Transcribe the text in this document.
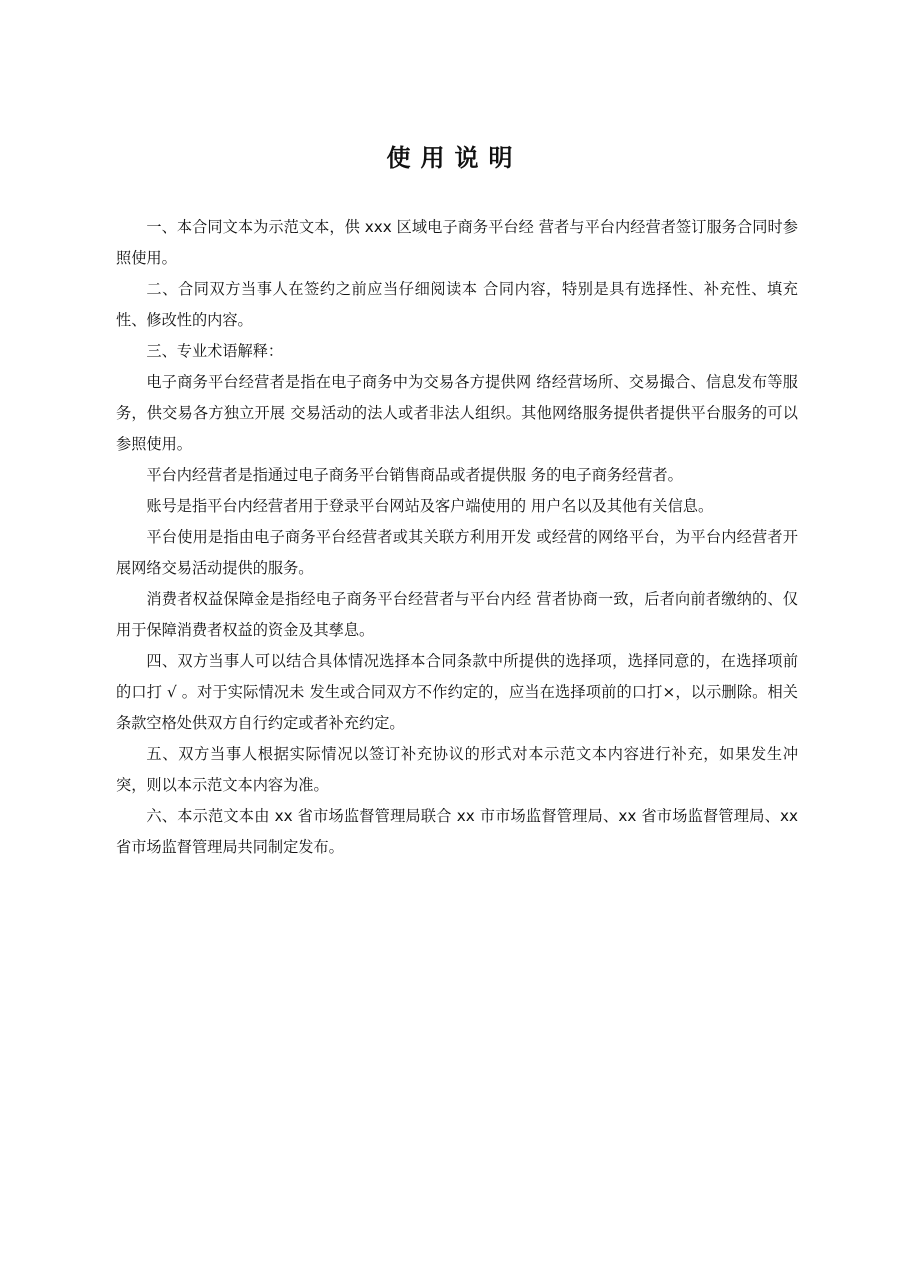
使用说明

一、本合同文本为示范文本，供 xxx 区域电子商务平台经 营者与平台内经营者签订服务合同时参照使用。

二、合同双方当事人在签约之前应当仔细阅读本 合同内容，特别是具有选择性、补充性、填充性、修改性的内容。

三、专业术语解释：

电子商务平台经营者是指在电子商务中为交易各方提供网 络经营场所、交易撮合、信息发布等服务，供交易各方独立开展 交易活动的法人或者非法人组织。其他网络服务提供者提供平台服务的可以参照使用。

平台内经营者是指通过电子商务平台销售商品或者提供服 务的电子商务经营者。

账号是指平台内经营者用于登录平台网站及客户端使用的 用户名以及其他有关信息。

平台使用是指由电子商务平台经营者或其关联方利用开发 或经营的网络平台，为平台内经营者开展网络交易活动提供的服务。

消费者权益保障金是指经电子商务平台经营者与平台内经 营者协商一致，后者向前者缴纳的、仅用于保障消费者权益的资金及其孳息。

四、双方当事人可以结合具体情况选择本合同条款中所提供的选择项，选择同意的，在选择项前的口打 √ 。对于实际情况未 发生或合同双方不作约定的，应当在选择项前的口打×，以示删除。相关条款空格处供双方自行约定或者补充约定。

五、双方当事人根据实际情况以签订补充协议的形式对本示范文本内容进行补充，如果发生冲突，则以本示范文本内容为准。

六、本示范文本由 xx 省市场监督管理局联合 xx 市市场监督管理局、xx 省市场监督管理局、xx 省市场监督管理局共同制定发布。
